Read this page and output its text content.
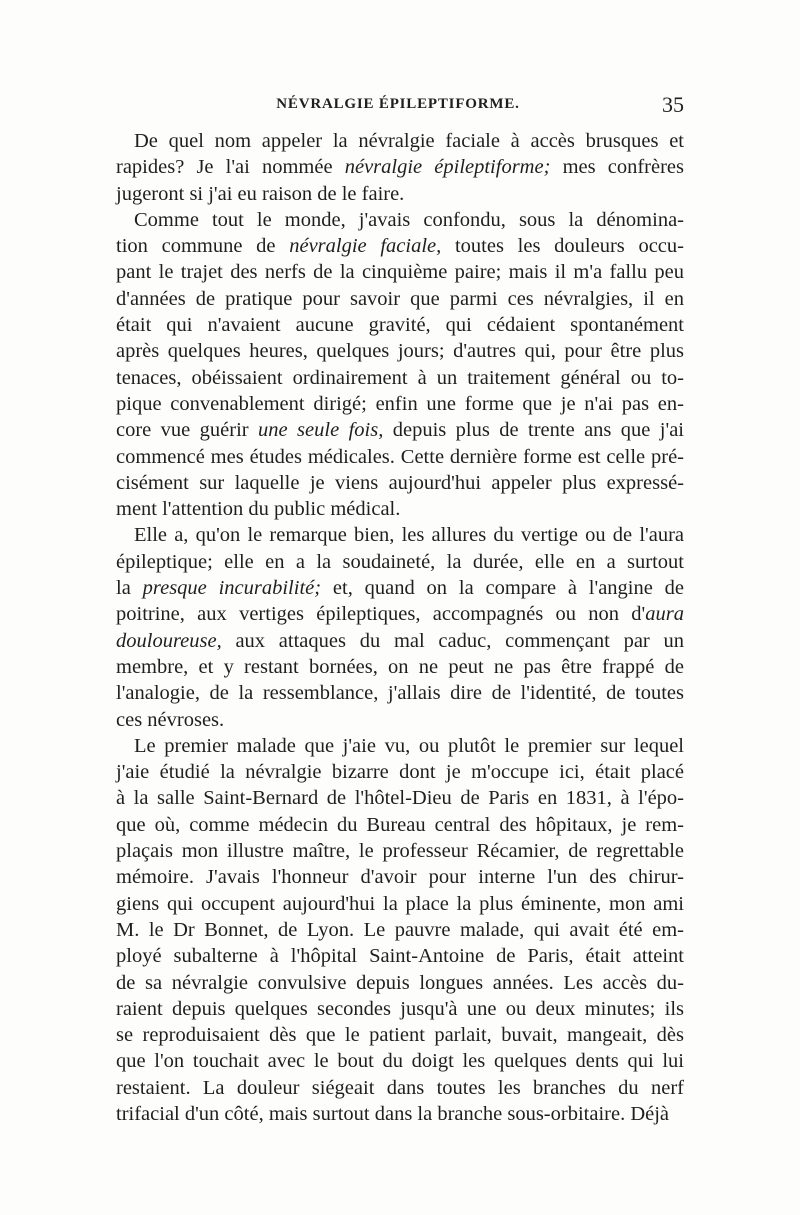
NÉVRALGIE ÉPILEPTIFORME.	35
De quel nom appeler la névralgie faciale à accès brusques et
rapides? Je l'ai nommée névralgie épileptiforme; mes confrères
jugeront si j'ai eu raison de le faire.
Comme tout le monde, j'avais confondu, sous la dénomina-
tion commune de névralgie faciale, toutes les douleurs occu-
pant le trajet des nerfs de la cinquième paire; mais il m'a fallu peu
d'années de pratique pour savoir que parmi ces névralgies, il en
était qui n'avaient aucune gravité, qui cédaient spontanément
après quelques heures, quelques jours; d'autres qui, pour être plus
tenaces, obéissaient ordinairement à un traitement général ou to-
pique convenablement dirigé; enfin une forme que je n'ai pas en-
core vue guérir une seule fois, depuis plus de trente ans que j'ai
commencé mes études médicales. Cette dernière forme est celle pré-
cisément sur laquelle je viens aujourd'hui appeler plus expressé-
ment l'attention du public médical.
Elle a, qu'on le remarque bien, les allures du vertige ou de l'aura
épileptique; elle en a la soudaineté, la durée, elle en a surtout
la presque incurabilité; et, quand on la compare à l'angine de
poitrine, aux vertiges épileptiques, accompagnés ou non d'aura
douloureuse, aux attaques du mal caduc, commençant par un
membre, et y restant bornées, on ne peut ne pas être frappé de
l'analogie, de la ressemblance, j'allais dire de l'identité, de toutes
ces névroses.
Le premier malade que j'aie vu, ou plutôt le premier sur lequel
j'aie étudié la névralgie bizarre dont je m'occupe ici, était placé
à la salle Saint-Bernard de l'hôtel-Dieu de Paris en 1831, à l'épo-
que où, comme médecin du Bureau central des hôpitaux, je rem-
plaçais mon illustre maître, le professeur Récamier, de regrettable
mémoire. J'avais l'honneur d'avoir pour interne l'un des chirur-
giens qui occupent aujourd'hui la place la plus éminente, mon ami
M. le Dr Bonnet, de Lyon. Le pauvre malade, qui avait été em-
ployé subalterne à l'hôpital Saint-Antoine de Paris, était atteint
de sa névralgie convulsive depuis longues années. Les accès du-
raient depuis quelques secondes jusqu'à une ou deux minutes; ils
se reproduisaient dès que le patient parlait, buvait, mangeait, dès
que l'on touchait avec le bout du doigt les quelques dents qui lui
restaient. La douleur siégeait dans toutes les branches du nerf
trifacial d'un côté, mais surtout dans la branche sous-orbitaire. Déjà
